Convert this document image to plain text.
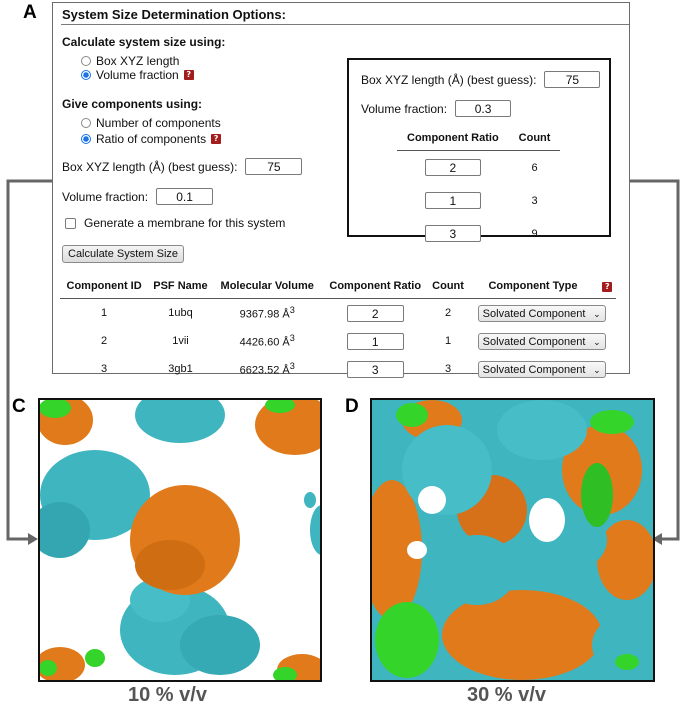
A
C	D
System Size Determination Options:
Calculate system size using:
Box XYZ length
Volume fraction ?
Give components using:
Number of components
Ratio of components ?
Box XYZ length (Å) (best guess):	75
Volume fraction:	0.1
Generate a membrane for this system
Calculate System Size
Component ID	PSF Name	Molecular Volume	Component Ratio	Count	Component Type	?
1	1ubq	9367.98 $Å^3$	2	2	Solvated Component ⌄	

2	1vii	4426.60 $Å^3$	1	1	Solvated Component ⌄	

3	3gb1	6623.52 $Å^3$	3	3	Solvated Component ⌄	
Box XYZ length (Å) (best guess):	75
Volume fraction:	0.3
Component Ratio	Count
2	6
1	3
3	9
10 % v/v	30 % v/v
